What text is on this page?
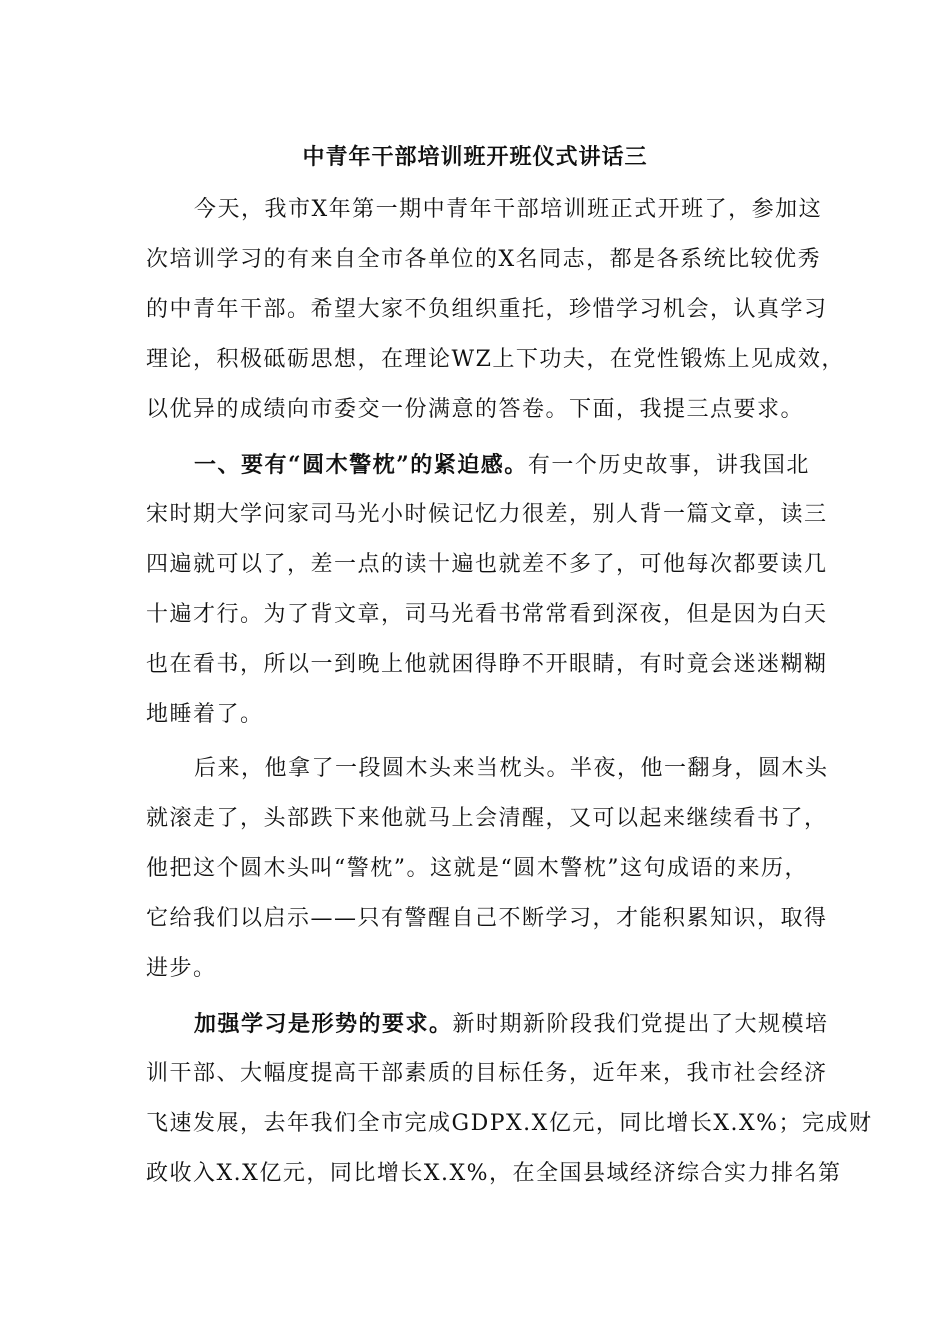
中青年干部培训班开班仪式讲话三
今天，我市X年第一期中青年干部培训班正式开班了，参加这
次培训学习的有来自全市各单位的X名同志，都是各系统比较优秀
的中青年干部。希望大家不负组织重托，珍惜学习机会，认真学习
理论，积极砥砺思想，在理论WZ上下功夫，在党性锻炼上见成效，
以优异的成绩向市委交一份满意的答卷。下面，我提三点要求。
一、要有“圆木警枕”的紧迫感。有一个历史故事，讲我国北
宋时期大学问家司马光小时候记忆力很差，别人背一篇文章，读三
四遍就可以了，差一点的读十遍也就差不多了，可他每次都要读几
十遍才行。为了背文章，司马光看书常常看到深夜，但是因为白天
也在看书，所以一到晚上他就困得睁不开眼睛，有时竟会迷迷糊糊
地睡着了。
后来，他拿了一段圆木头来当枕头。半夜，他一翻身，圆木头
就滚走了，头部跌下来他就马上会清醒，又可以起来继续看书了，
他把这个圆木头叫“警枕”。这就是“圆木警枕”这句成语的来历，
它给我们以启示——只有警醒自己不断学习，才能积累知识，取得
进步。
加强学习是形势的要求。新时期新阶段我们党提出了大规模培
训干部、大幅度提高干部素质的目标任务，近年来，我市社会经济
飞速发展，去年我们全市完成GDPX.X亿元，同比增长X.X%；完成财
政收入X.X亿元，同比增长X.X%，在全国县域经济综合实力排名第
